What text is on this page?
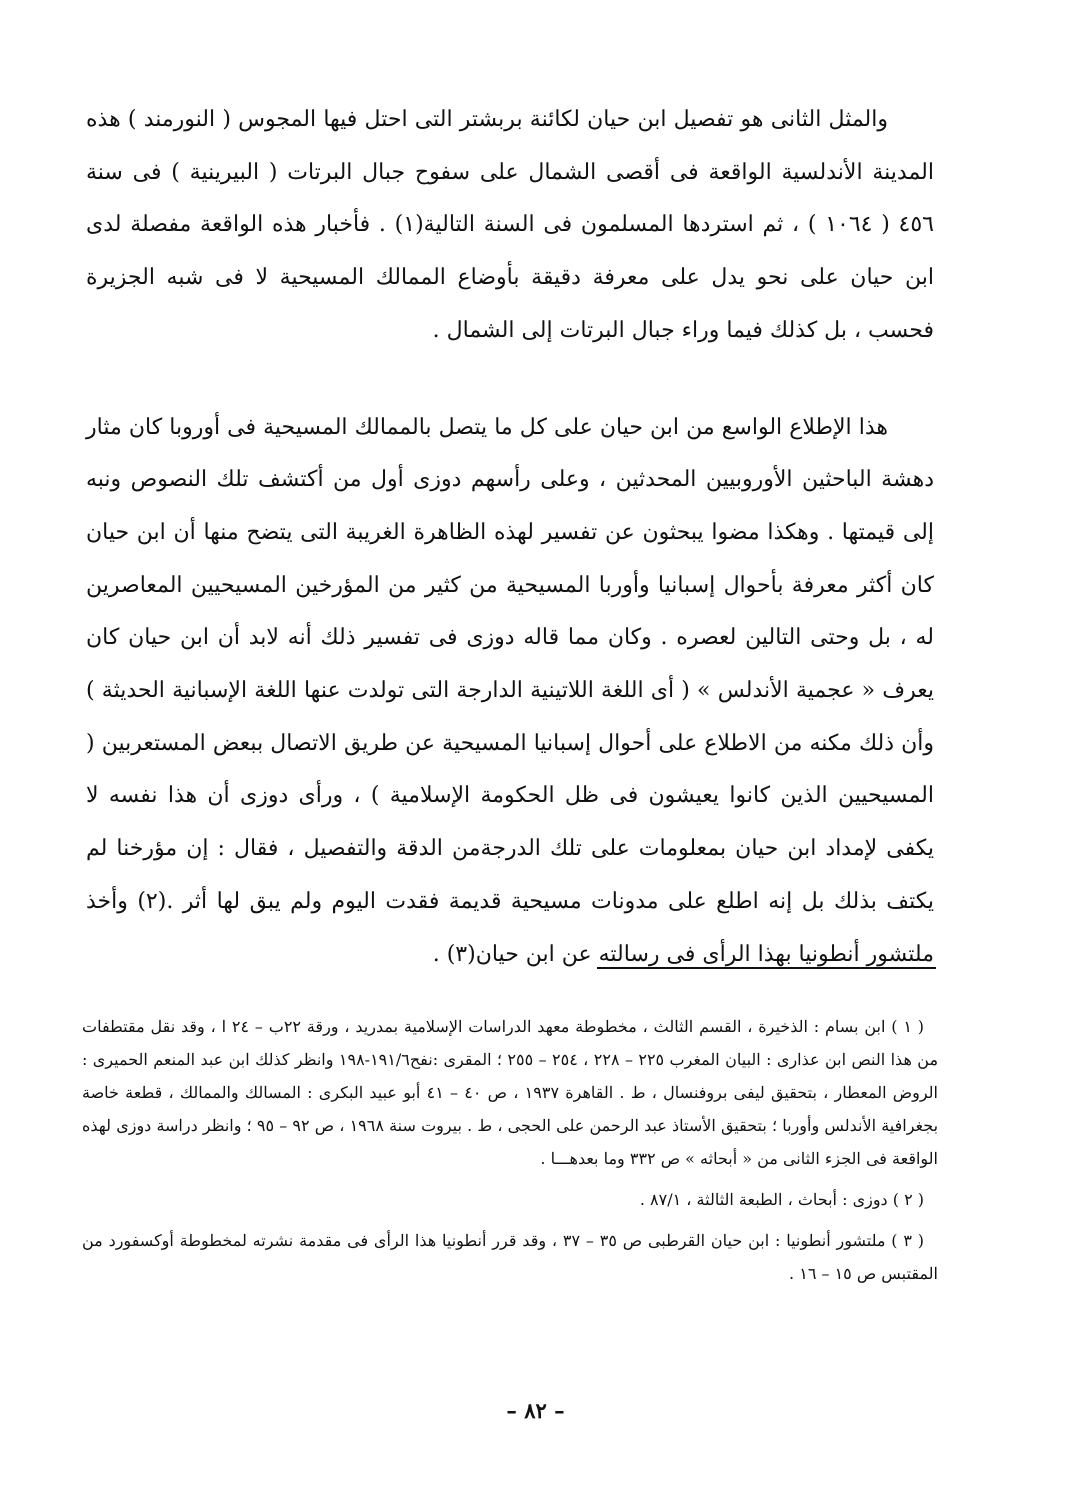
والمثل الثانى هو تفصيل ابن حيان لكائنة بربشتر التى احتل فيها المجوس ( النورمند ) هذه المدينة الأندلسية الواقعة فى أقصى الشمال على سفوح جبال البرتات ( البيرينية ) فى سنة ٤٥٦ ( ١٠٦٤ ) ، ثم استردها المسلمون فى السنة التالية(١) . فأخبار هذه الواقعة مفصلة لدى ابن حيان على نحو يدل على معرفة دقيقة بأوضاع الممالك المسيحية لا فى شبه الجزيرة فحسب ، بل كذلك فيما وراء جبال البرتات إلى الشمال .

هذا الإطلاع الواسع من ابن حيان على كل ما يتصل بالممالك المسيحية فى أوروبا كان مثار دهشة الباحثين الأوروبيين المحدثين ، وعلى رأسهم دوزى أول من أكتشف تلك النصوص ونبه إلى قيمتها . وهكذا مضوا يبحثون عن تفسير لهذه الظاهرة الغريبة التى يتضح منها أن ابن حيان كان أكثر معرفة بأحوال إسبانيا وأوربا المسيحية من كثير من المؤرخين المسيحيين المعاصرين له ، بل وحتى التالين لعصره . وكان مما قاله دوزى فى تفسير ذلك أنه لابد أن ابن حيان كان يعرف « عجمية الأندلس » ( أى اللغة اللاتينية الدارجة التى تولدت عنها اللغة الإسبانية الحديثة ) وأن ذلك مكنه من الاطلاع على أحوال إسبانيا المسيحية عن طريق الاتصال ببعض المستعربين ( المسيحيين الذين كانوا يعيشون فى ظل الحكومة الإسلامية ) ، ورأى دوزى أن هذا نفسه لا يكفى لإمداد ابن حيان بمعلومات على تلك الدرجةمن الدقة والتفصيل ، فقال : إن مؤرخنا لم يكتف بذلك بل إنه اطلع على مدونات مسيحية قديمة فقدت اليوم ولم يبق لها أثر .(٢) وأخذ ملتشور أنطونيا بهذا الرأى فى رسالته عن ابن حيان(٣) .

( ١ ) ابن بسام : الذخيرة ، القسم الثالث ، مخطوطة معهد الدراسات الإسلامية بمدريد ، ورقة ٢٢ب – ٢٤ ا ، وقد نقل مقتطفات من هذا النص ابن عذارى : البيان المغرب ٢٢٥ – ٢٢٨ ، ٢٥٤ – ٢٥٥ ؛ المقرى :نفح١٩١/٦-١٩٨ وانظر كذلك ابن عبد المنعم الحميرى : الروض المعطار ، بتحقيق ليفى بروفنسال ، ط . القاهرة ١٩٣٧ ، ص ٤٠ – ٤١ أبو عبيد البكرى : المسالك والممالك ، قطعة خاصة بجغرافية الأندلس وأوربا ؛ بتحقيق الأستاذ عبد الرحمن على الحجى ، ط . بيروت سنة ١٩٦٨ ، ص ٩٢ – ٩٥ ؛ وانظر دراسة دوزى لهذه الواقعة فى الجزء الثانى من « أبحاثه » ص ٣٣٢ وما بعدهـــا .

( ٢ ) دوزى : أبحاث ، الطبعة الثالثة ، ٨٧/١ .

( ٣ ) ملتشور أنطونيا : ابن حيان القرطبى ص ٣٥ – ٣٧ ، وقد قرر أنطونيا هذا الرأى فى مقدمة نشرته لمخطوطة أوكسفورد من المقتبس ص ١٥ – ١٦ .

– ٨٢ –
